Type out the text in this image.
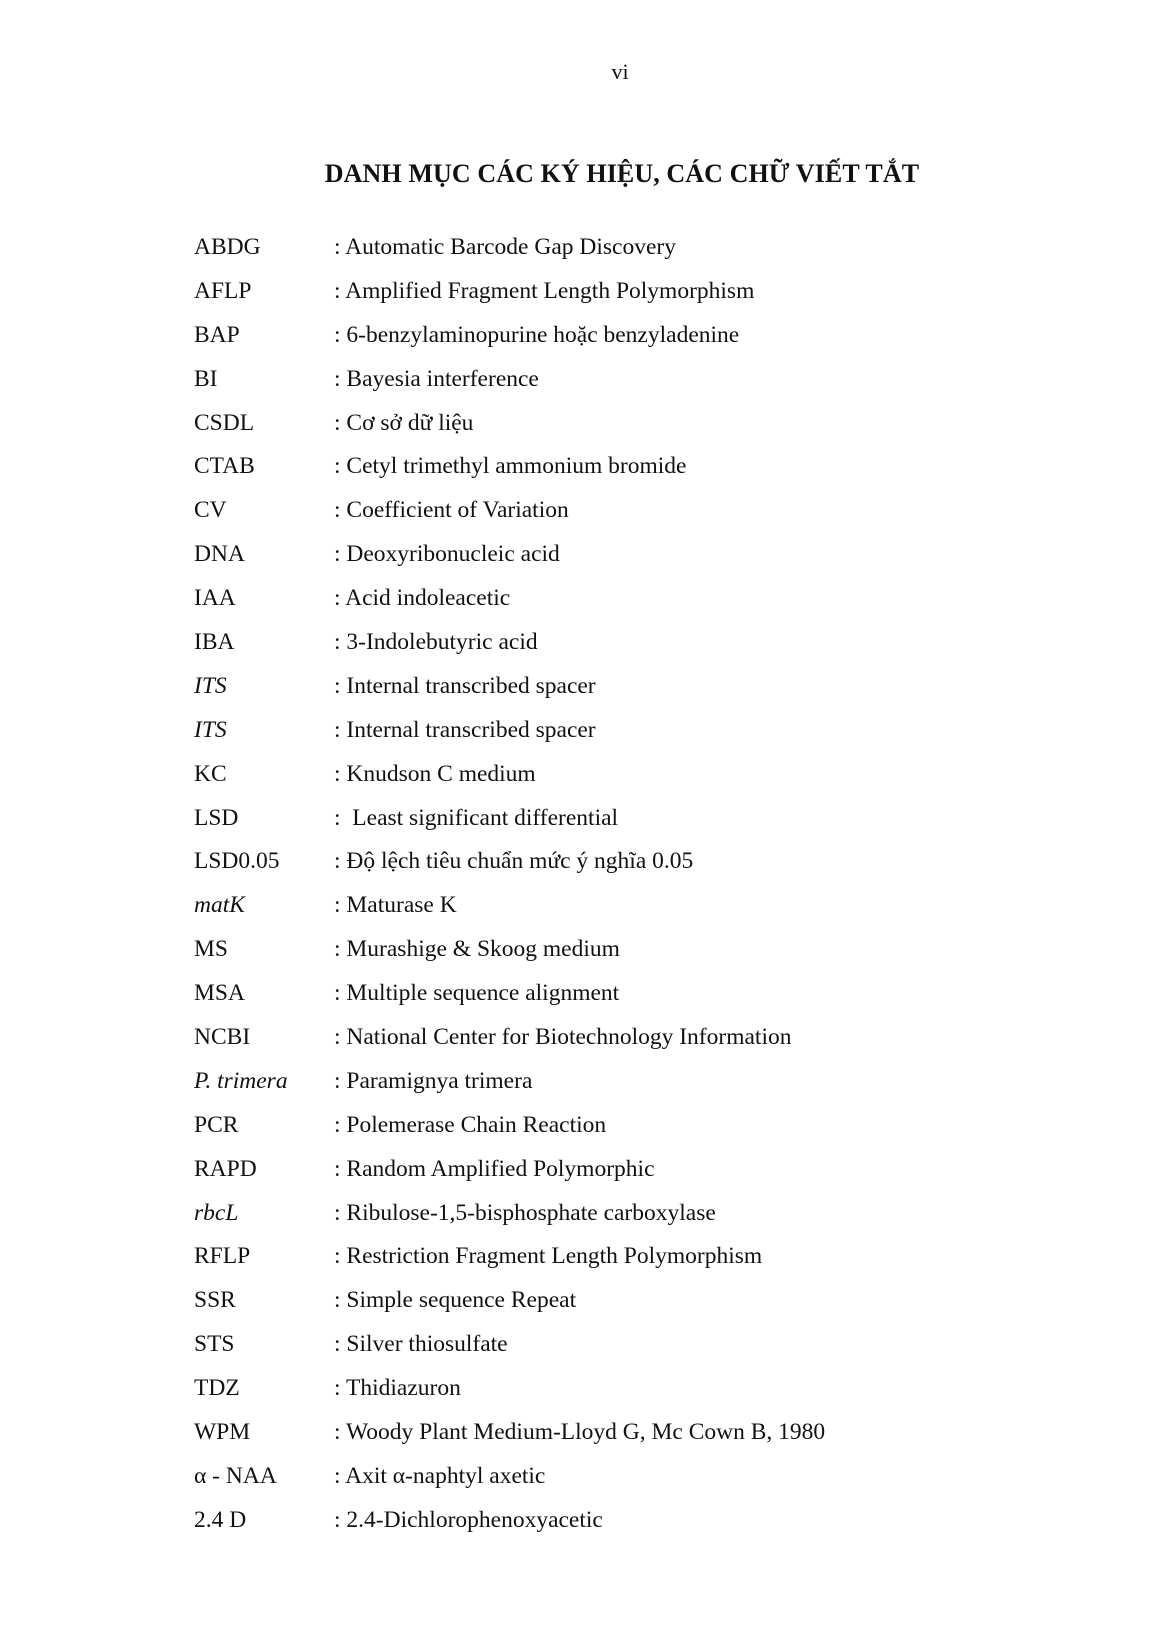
vi
DANH MỤC CÁC KÝ HIỆU, CÁC CHỮ VIẾT TẮT
ABDG	: Automatic Barcode Gap Discovery
AFLP	: Amplified Fragment Length Polymorphism
BAP	: 6-benzylaminopurine hoặc benzyladenine
BI	: Bayesia interference
CSDL	: Cơ sở dữ liệu
CTAB	: Cetyl trimethyl ammonium bromide
CV	: Coefficient of Variation
DNA	: Deoxyribonucleic acid
IAA	: Acid indoleacetic
IBA	: 3-Indolebutyric acid
ITS	: Internal transcribed spacer
ITS	: Internal transcribed spacer
KC	: Knudson C medium
LSD	:  Least significant differential
LSD0.05	: Độ lệch tiêu chuẩn mức ý nghĩa 0.05
matK	: Maturase K
MS	: Murashige & Skoog medium
MSA	: Multiple sequence alignment
NCBI	: National Center for Biotechnology Information
P. trimera	: Paramignya trimera
PCR	: Polemerase Chain Reaction
RAPD	: Random Amplified Polymorphic
rbcL	: Ribulose-1,5-bisphosphate carboxylase
RFLP	: Restriction Fragment Length Polymorphism
SSR	: Simple sequence Repeat
STS	: Silver thiosulfate
TDZ	: Thidiazuron
WPM	: Woody Plant Medium-Lloyd G, Mc Cown B, 1980
α - NAA	: Axit α-naphtyl axetic
2.4 D	: 2.4-Dichlorophenoxyacetic
